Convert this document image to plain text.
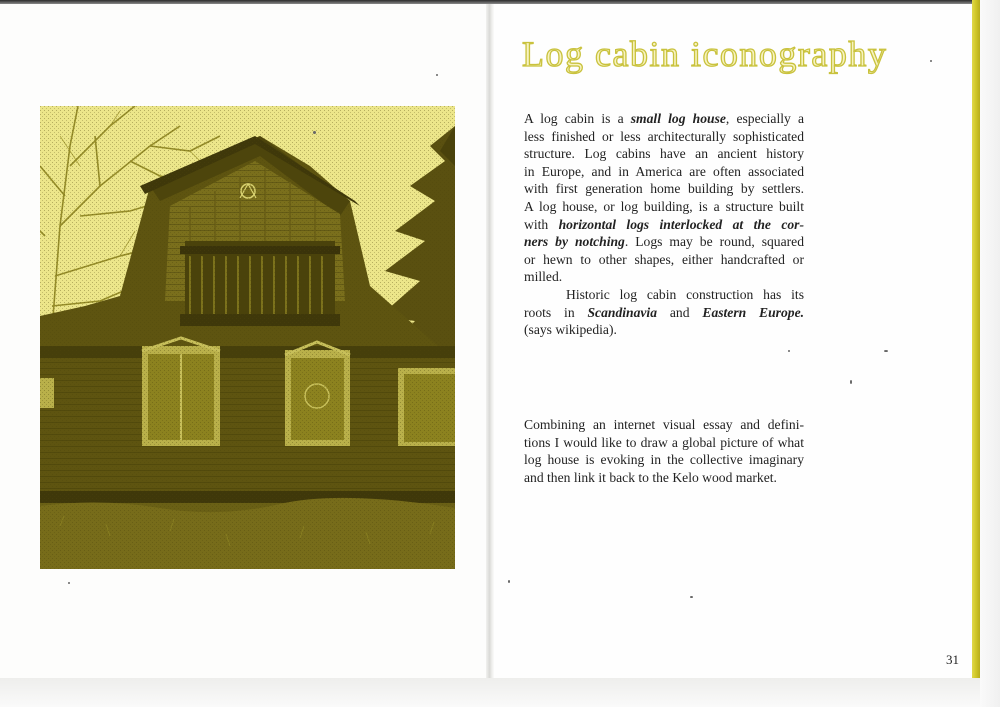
Log cabin iconography

A log cabin is a small log house, especially a
less finished or less architecturally sophisticated
structure. Log cabins have an ancient history
in Europe, and in America are often associated
with first generation home building by settlers.
A log house, or log building, is a structure built
with horizontal logs interlocked at the cor-
ners by notching. Logs may be round, squared
or hewn to other shapes, either handcrafted or
milled.
Historic log cabin construction has its
roots in Scandinavia and Eastern Europe.
(says wikipedia).

Combining an internet visual essay and defini-
tions I would like to draw a global picture of what
log house is evoking in the collective imaginary
and then link it back to the Kelo wood market.

31
